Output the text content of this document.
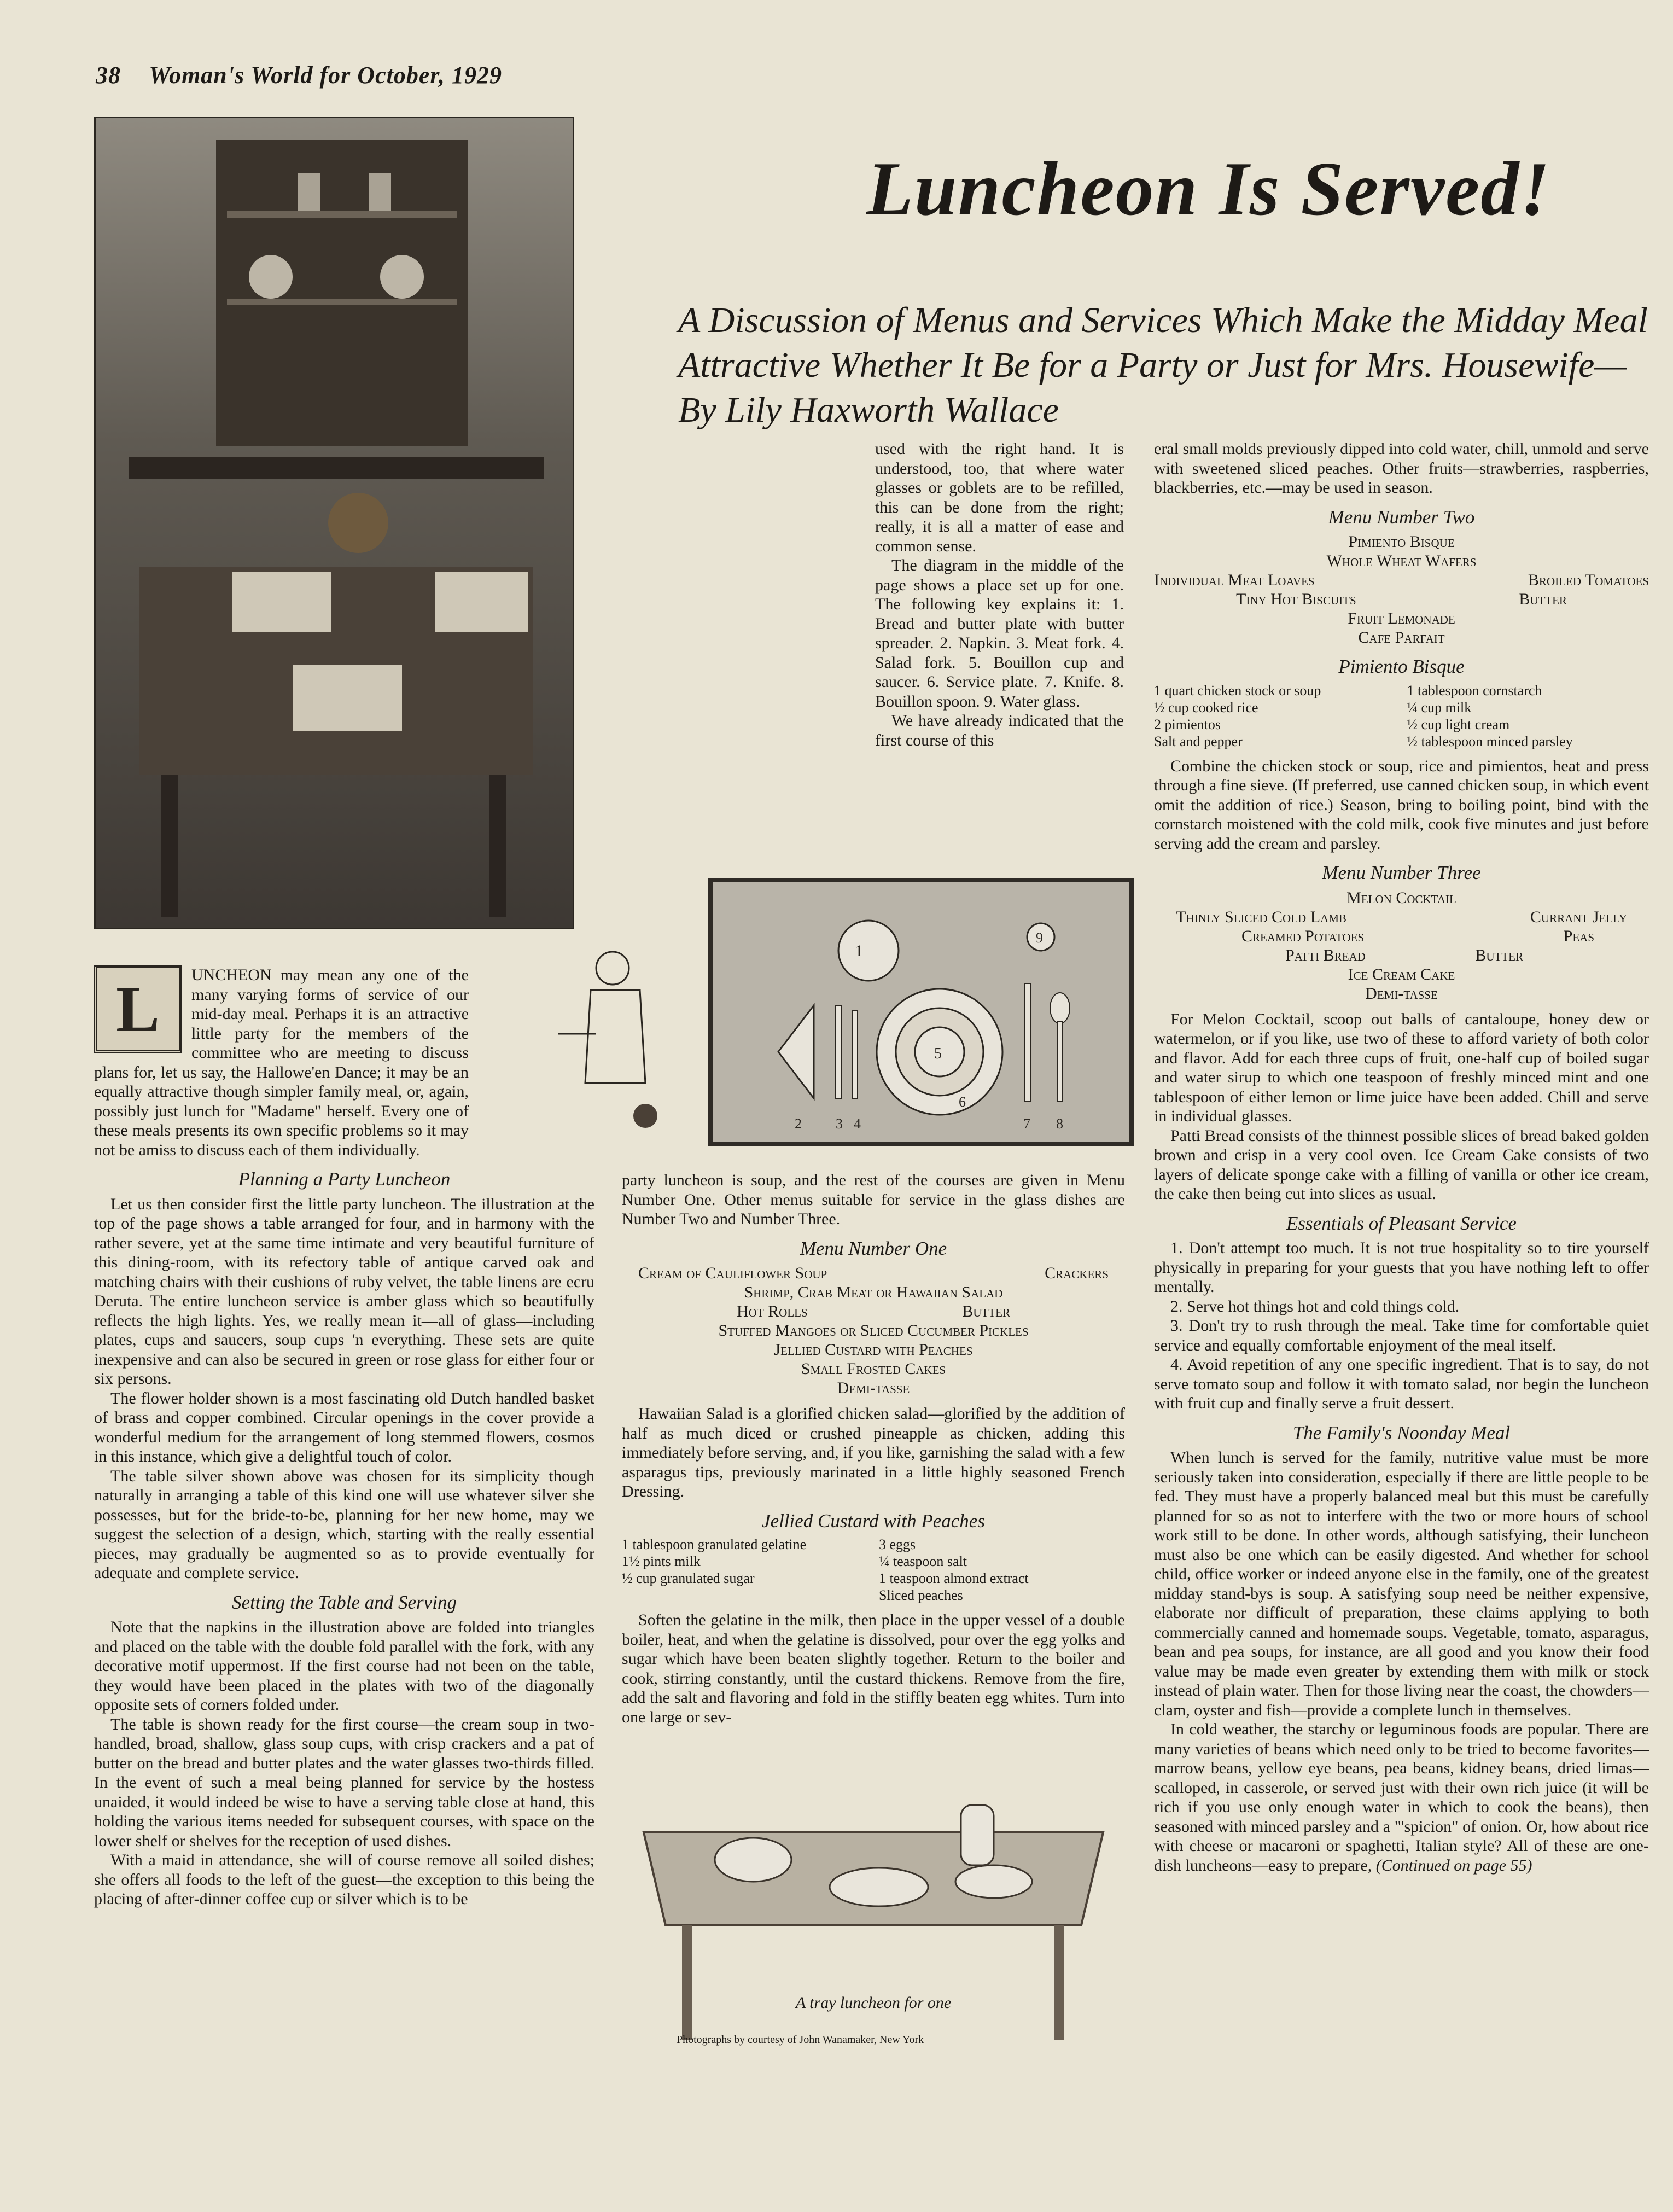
38 Woman's World for October, 1929
Luncheon Is Served!
A Discussion of Menus and Services Which Make the Midday Meal Attractive Whether It Be for a Party or Just for Mrs. Housewife—By Lily Haxworth Wallace
L	UNCHEON may mean any one of the many varying forms of service of our mid-day meal. Perhaps it is an attractive little party for the members of the committee who are meeting to discuss plans for, let us say, the Hallowe'en Dance; it may be an equally attractive though simpler family meal, or, again, possibly just lunch for "Madame" herself. Every one of these meals presents its own specific problems so it may not be amiss to discuss each of them individually.

Planning a Party Luncheon

Let us then consider first the little party luncheon. The illustration at the top of the page shows a table arranged for four, and in harmony with the rather severe, yet at the same time intimate and very beautiful furniture of this dining-room, with its refectory table of antique carved oak and matching chairs with their cushions of ruby velvet, the table linens are ecru Deruta. The entire luncheon service is amber glass which so beautifully reflects the high lights. Yes, we really mean it—all of glass—including plates, cups and saucers, soup cups 'n everything. These sets are quite inexpensive and can also be secured in green or rose glass for either four or six persons.

The flower holder shown is a most fascinating old Dutch handled basket of brass and copper combined. Circular openings in the cover provide a wonderful medium for the arrangement of long stemmed flowers, cosmos in this instance, which give a delightful touch of color.

The table silver shown above was chosen for its simplicity though naturally in arranging a table of this kind one will use whatever silver she possesses, but for the bride-to-be, planning for her new home, may we suggest the selection of a design, which, starting with the really essential pieces, may gradually be augmented so as to provide eventually for adequate and complete service.

Setting the Table and Serving

Note that the napkins in the illustration above are folded into triangles and placed on the table with the double fold parallel with the fork, with any decorative motif uppermost. If the first course had not been on the table, they would have been placed in the plates with two of the diagonally opposite sets of corners folded under.

The table is shown ready for the first course—the cream soup in two-handled, broad, shallow, glass soup cups, with crisp crackers and a pat of butter on the bread and butter plates and the water glasses two-thirds filled. In the event of such a meal being planned for service by the hostess unaided, it would indeed be wise to have a serving table close at hand, this holding the various items needed for subsequent courses, with space on the lower shelf or shelves for the reception of used dishes.

With a maid in attendance, she will of course remove all soiled dishes; she offers all foods to the left of the guest—the exception to this being the placing of after-dinner coffee cup or silver which is to be

used with the right hand. It is understood, too, that where water glasses or goblets are to be refilled, this can be done from the right; really, it is all a matter of ease and common sense.

The diagram in the middle of the page shows a place set up for one. The following key explains it: 1. Bread and butter plate with butter spreader. 2. Napkin. 3. Meat fork. 4. Salad fork. 5. Bouillon cup and saucer. 6. Service plate. 7. Knife. 8. Bouillon spoon. 9. Water glass.

We have already indicated that the first course of this

1
9
5
6
2 3 4	7 8

party luncheon is soup, and the rest of the courses are given in Menu Number One. Other menus suitable for service in the glass dishes are Number Two and Number Three.

Menu Number One
Cream of Cauliflower Soup	Crackers
Shrimp, Crab Meat or Hawaiian Salad
Hot Rolls	Butter
Stuffed Mangoes or Sliced Cucumber Pickles
Jellied Custard with Peaches
Small Frosted Cakes
Demi-tasse

Hawaiian Salad is a glorified chicken salad—glorified by the addition of half as much diced or crushed pineapple as chicken, adding this immediately before serving, and, if you like, garnishing the salad with a few asparagus tips, previously marinated in a little highly seasoned French Dressing.

Jellied Custard with Peaches
1 tablespoon granulated gelatine	3 eggs
1½ pints milk	¼ teaspoon salt
½ cup granulated sugar	1 teaspoon almond extract
Sliced peaches

Soften the gelatine in the milk, then place in the upper vessel of a double boiler, heat, and when the gelatine is dissolved, pour over the egg yolks and sugar which have been beaten slightly together. Return to the boiler and cook, stirring constantly, until the custard thickens. Remove from the fire, add the salt and flavoring and fold in the stiffly beaten egg whites. Turn into one large or sev-

A tray luncheon for one
Photographs by courtesy of John Wanamaker, New York

eral small molds previously dipped into cold water, chill, unmold and serve with sweetened sliced peaches. Other fruits—strawberries, raspberries, blackberries, etc.—may be used in season.

Menu Number Two
Pimiento Bisque
Whole Wheat Wafers
Individual Meat Loaves	Broiled Tomatoes
Tiny Hot Biscuits	Butter
Fruit Lemonade
Cafe Parfait
Pimiento Bisque
1 quart chicken stock or soup	1 tablespoon cornstarch
½ cup cooked rice	¼ cup milk
2 pimientos	½ cup light cream
Salt and pepper	½ tablespoon minced parsley

Combine the chicken stock or soup, rice and pimientos, heat and press through a fine sieve. (If preferred, use canned chicken soup, in which event omit the addition of rice.) Season, bring to boiling point, bind with the cornstarch moistened with the cold milk, cook five minutes and just before serving add the cream and parsley.

Menu Number Three
Melon Cocktail
Thinly Sliced Cold Lamb	Currant Jelly
Creamed Potatoes	Peas
Patti Bread	Butter
Ice Cream Cake
Demi-tasse

For Melon Cocktail, scoop out balls of cantaloupe, honey dew or watermelon, or if you like, use two of these to afford variety of both color and flavor. Add for each three cups of fruit, one-half cup of boiled sugar and water sirup to which one teaspoon of freshly minced mint and one tablespoon of either lemon or lime juice have been added. Chill and serve in individual glasses.

Patti Bread consists of the thinnest possible slices of bread baked golden brown and crisp in a very cool oven. Ice Cream Cake consists of two layers of delicate sponge cake with a filling of vanilla or other ice cream, the cake then being cut into slices as usual.

Essentials of Pleasant Service

1. Don't attempt too much. It is not true hospitality so to tire yourself physically in preparing for your guests that you have nothing left to offer mentally.

2. Serve hot things hot and cold things cold.

3. Don't try to rush through the meal. Take time for comfortable quiet service and equally comfortable enjoyment of the meal itself.

4. Avoid repetition of any one specific ingredient. That is to say, do not serve tomato soup and follow it with tomato salad, nor begin the luncheon with fruit cup and finally serve a fruit dessert.

The Family's Noonday Meal

When lunch is served for the family, nutritive value must be more seriously taken into consideration, especially if there are little people to be fed. They must have a properly balanced meal but this must be carefully planned for so as not to interfere with the two or more hours of school work still to be done. In other words, although satisfying, their luncheon must also be one which can be easily digested. And whether for school child, office worker or indeed anyone else in the family, one of the greatest midday stand-bys is soup. A satisfying soup need be neither expensive, elaborate nor difficult of preparation, these claims applying to both commercially canned and homemade soups. Vegetable, tomato, asparagus, bean and pea soups, for instance, are all good and you know their food value may be made even greater by extending them with milk or stock instead of plain water. Then for those living near the coast, the chowders—clam, oyster and fish—provide a complete lunch in themselves.

In cold weather, the starchy or leguminous foods are popular. There are many varieties of beans which need only to be tried to become favorites—marrow beans, yellow eye beans, pea beans, kidney beans, dried limas—scalloped, in casserole, or served just with their own rich juice (it will be rich if you use only enough water in which to cook the beans), then seasoned with minced parsley and a "'spicion" of onion. Or, how about rice with cheese or macaroni or spaghetti, Italian style? All of these are one-dish luncheons—easy to prepare, (Continued on page 55)
